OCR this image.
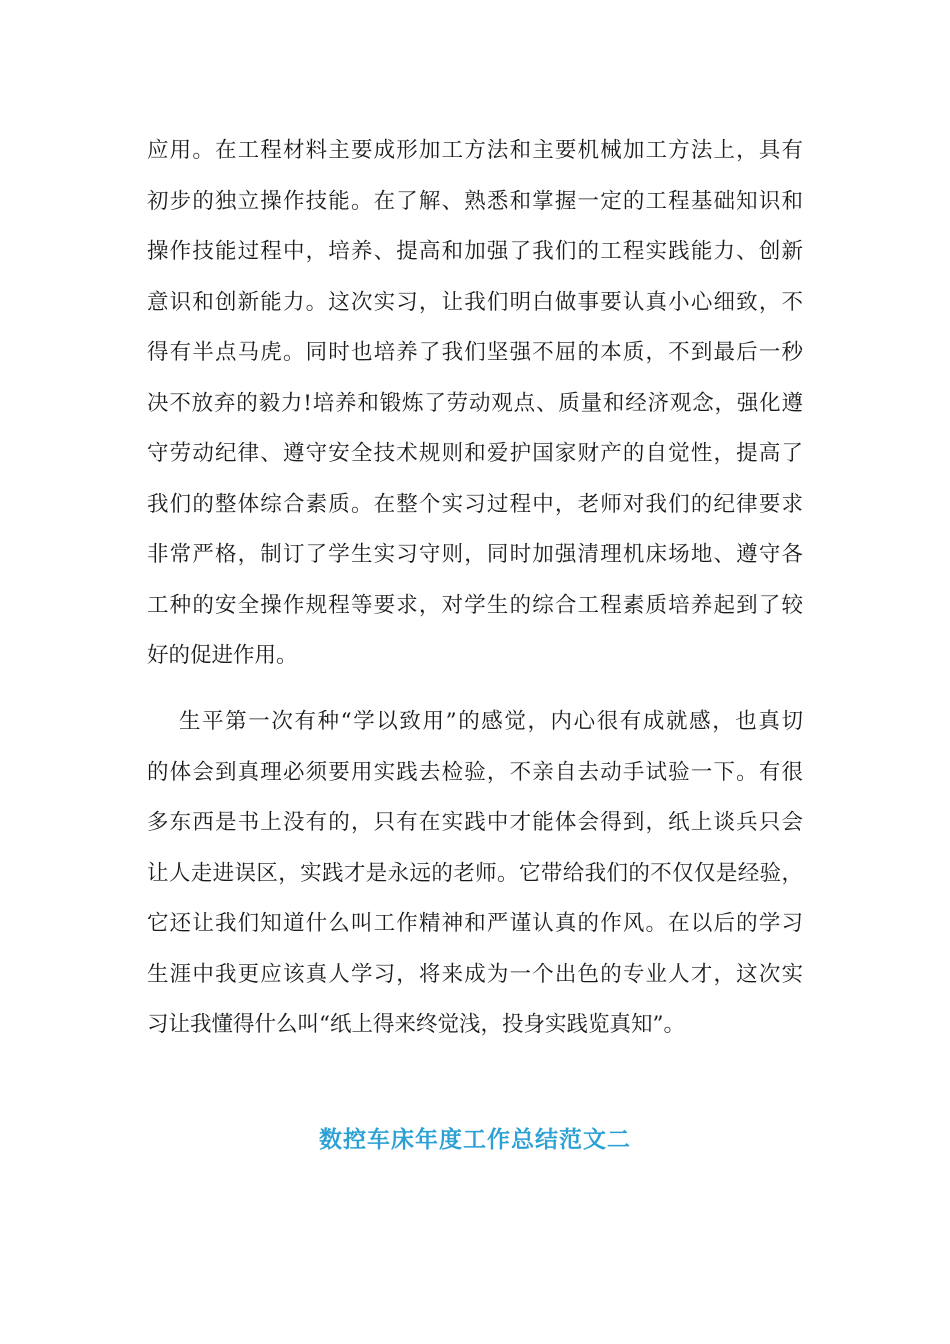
应用。在工程材料主要成形加工方法和主要机械加工方法上，具有
初步的独立操作技能。在了解、熟悉和掌握一定的工程基础知识和
操作技能过程中，培养、提高和加强了我们的工程实践能力、创新
意识和创新能力。这次实习，让我们明白做事要认真小心细致，不
得有半点马虎。同时也培养了我们坚强不屈的本质，不到最后一秒
决不放弃的毅力!培养和锻炼了劳动观点、质量和经济观念，强化遵
守劳动纪律、遵守安全技术规则和爱护国家财产的自觉性，提高了
我们的整体综合素质。在整个实习过程中，老师对我们的纪律要求
非常严格，制订了学生实习守则，同时加强清理机床场地、遵守各
工种的安全操作规程等要求，对学生的综合工程素质培养起到了较
好的促进作用。

生平第一次有种“学以致用”的感觉，内心很有成就感，也真切
的体会到真理必须要用实践去检验，不亲自去动手试验一下。有很
多东西是书上没有的，只有在实践中才能体会得到，纸上谈兵只会
让人走进误区，实践才是永远的老师。它带给我们的不仅仅是经验，
它还让我们知道什么叫工作精神和严谨认真的作风。在以后的学习
生涯中我更应该真人学习，将来成为一个出色的专业人才，这次实
习让我懂得什么叫“纸上得来终觉浅，投身实践览真知”。

数控车床年度工作总结范文二
